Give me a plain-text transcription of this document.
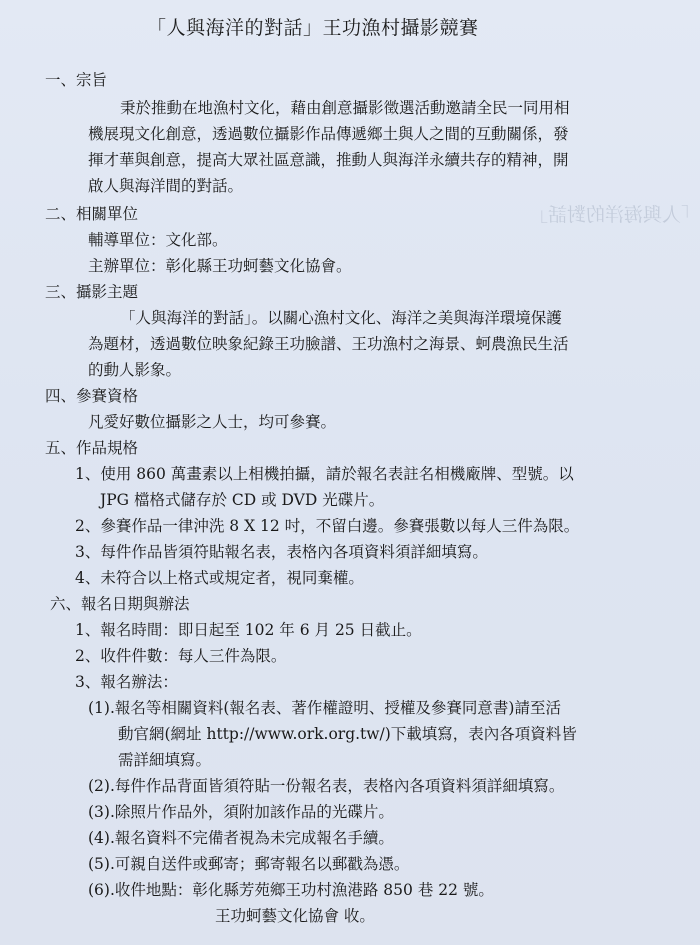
「人與海洋的對話」
「人與海洋的對話」王功漁村攝影競賽
一、宗旨
秉於推動在地漁村文化，藉由創意攝影徵選活動邀請全民一同用相
機展現文化創意，透過數位攝影作品傳遞鄉土與人之間的互動關係，發
揮才華與創意，提高大眾社區意識，推動人與海洋永續共存的精神，開
啟人與海洋間的對話。
二、相關單位
輔導單位：文化部。
主辦單位：彰化縣王功蚵藝文化協會。
三、攝影主題
「人與海洋的對話」。以關心漁村文化、海洋之美與海洋環境保護
為題材，透過數位映象紀錄王功臉譜、王功漁村之海景、蚵農漁民生活
的動人影象。
四、參賽資格
凡愛好數位攝影之人士，均可參賽。
五、作品規格
1、使用 860 萬畫素以上相機拍攝，請於報名表註名相機廠牌、型號。以
JPG 檔格式儲存於 CD 或 DVD 光碟片。
2、參賽作品一律沖洗 8 X 12 吋，不留白邊。參賽張數以每人三件為限。
3、每件作品皆須符貼報名表，表格內各項資料須詳細填寫。
4、未符合以上格式或規定者，視同棄權。
六、報名日期與辦法
1、報名時間：即日起至 102 年 6 月 25 日截止。
2、收件件數：每人三件為限。
3、報名辦法：
(1).報名等相關資料(報名表、著作權證明、授權及參賽同意書)請至活
動官網(網址 http://www.ork.org.tw/)下載填寫，表內各項資料皆
需詳細填寫。
(2).每件作品背面皆須符貼一份報名表，表格內各項資料須詳細填寫。
(3).除照片作品外，須附加該作品的光碟片。
(4).報名資料不完備者視為未完成報名手續。
(5).可親自送件或郵寄；郵寄報名以郵戳為憑。
(6).收件地點：彰化縣芳苑鄉王功村漁港路 850 巷 22 號。
王功蚵藝文化協會 收。
